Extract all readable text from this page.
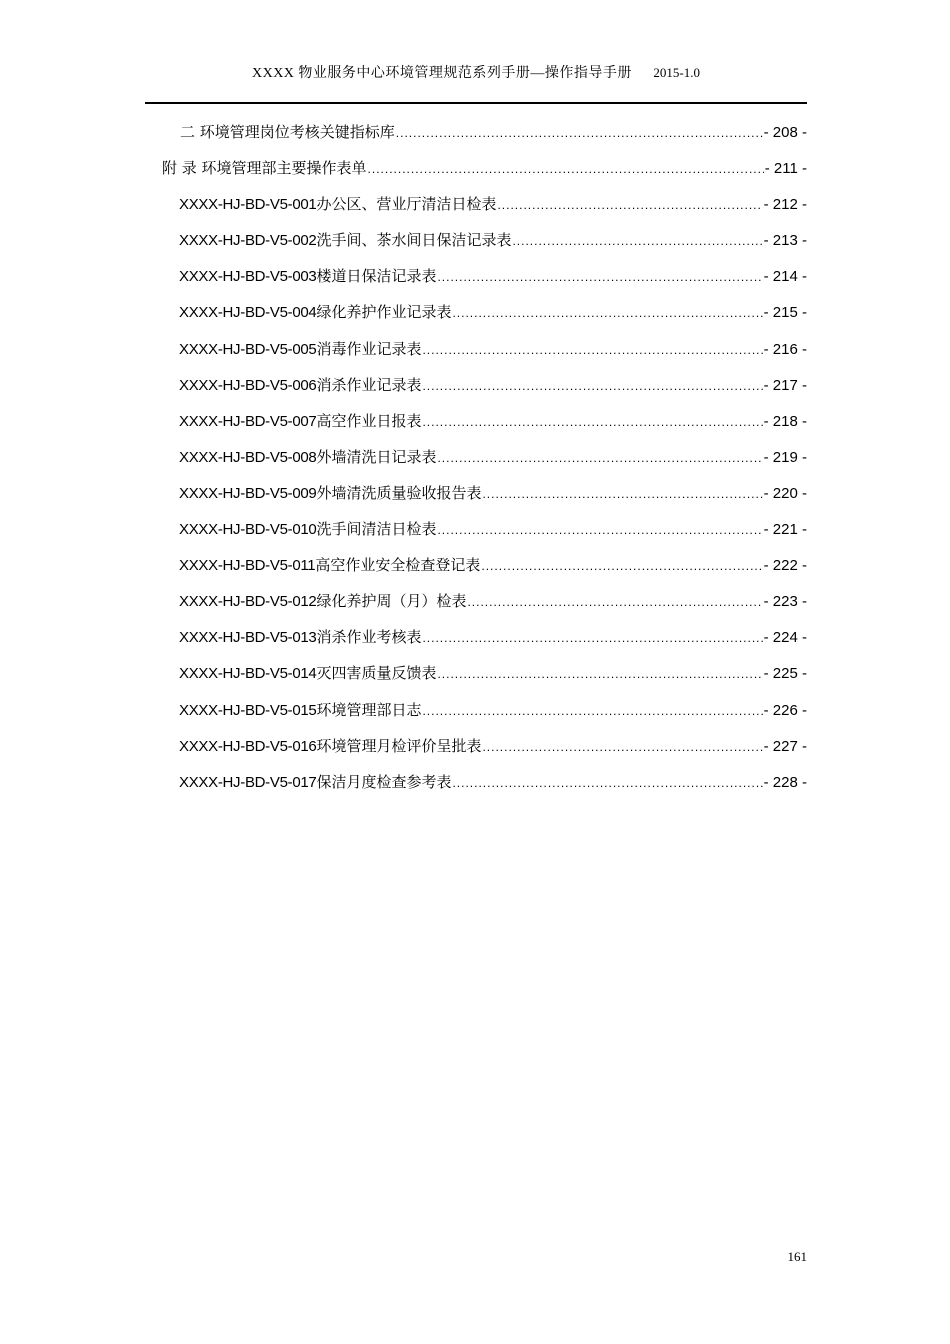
XXXX 物业服务中心环境管理规范系列手册—操作指导手册 2015-1.0
二 环境管理岗位考核关键指标库 .....	- 208 -
附 录 环境管理部主要操作表单 .....	- 211 -
XXXX-HJ-BD-V5-001 办公区、营业厅清洁日检表 .....	- 212 -
XXXX-HJ-BD-V5-002 洗手间、茶水间日保洁记录表 .....	- 213 -
XXXX-HJ-BD-V5-003 楼道日保洁记录表 .....	- 214 -
XXXX-HJ-BD-V5-004 绿化养护作业记录表 .....	- 215 -
XXXX-HJ-BD-V5-005 消毒作业记录表 .....	- 216 -
XXXX-HJ-BD-V5-006 消杀作业记录表 .....	- 217 -
XXXX-HJ-BD-V5-007 高空作业日报表 .....	- 218 -
XXXX-HJ-BD-V5-008 外墙清洗日记录表 .....	- 219 -
XXXX-HJ-BD-V5-009 外墙清洗质量验收报告表 .....	- 220 -
XXXX-HJ-BD-V5-010 洗手间清洁日检表 .....	- 221 -
XXXX-HJ-BD-V5-011 高空作业安全检查登记表 .....	- 222 -
XXXX-HJ-BD-V5-012 绿化养护周（月）检表 .....	- 223 -
XXXX-HJ-BD-V5-013 消杀作业考核表 .....	- 224 -
XXXX-HJ-BD-V5-014 灭四害质量反馈表 .....	- 225 -
XXXX-HJ-BD-V5-015 环境管理部日志 .....	- 226 -
XXXX-HJ-BD-V5-016 环境管理月检评价呈批表 .....	- 227 -
XXXX-HJ-BD-V5-017 保洁月度检查参考表 .....	- 228 -
161
